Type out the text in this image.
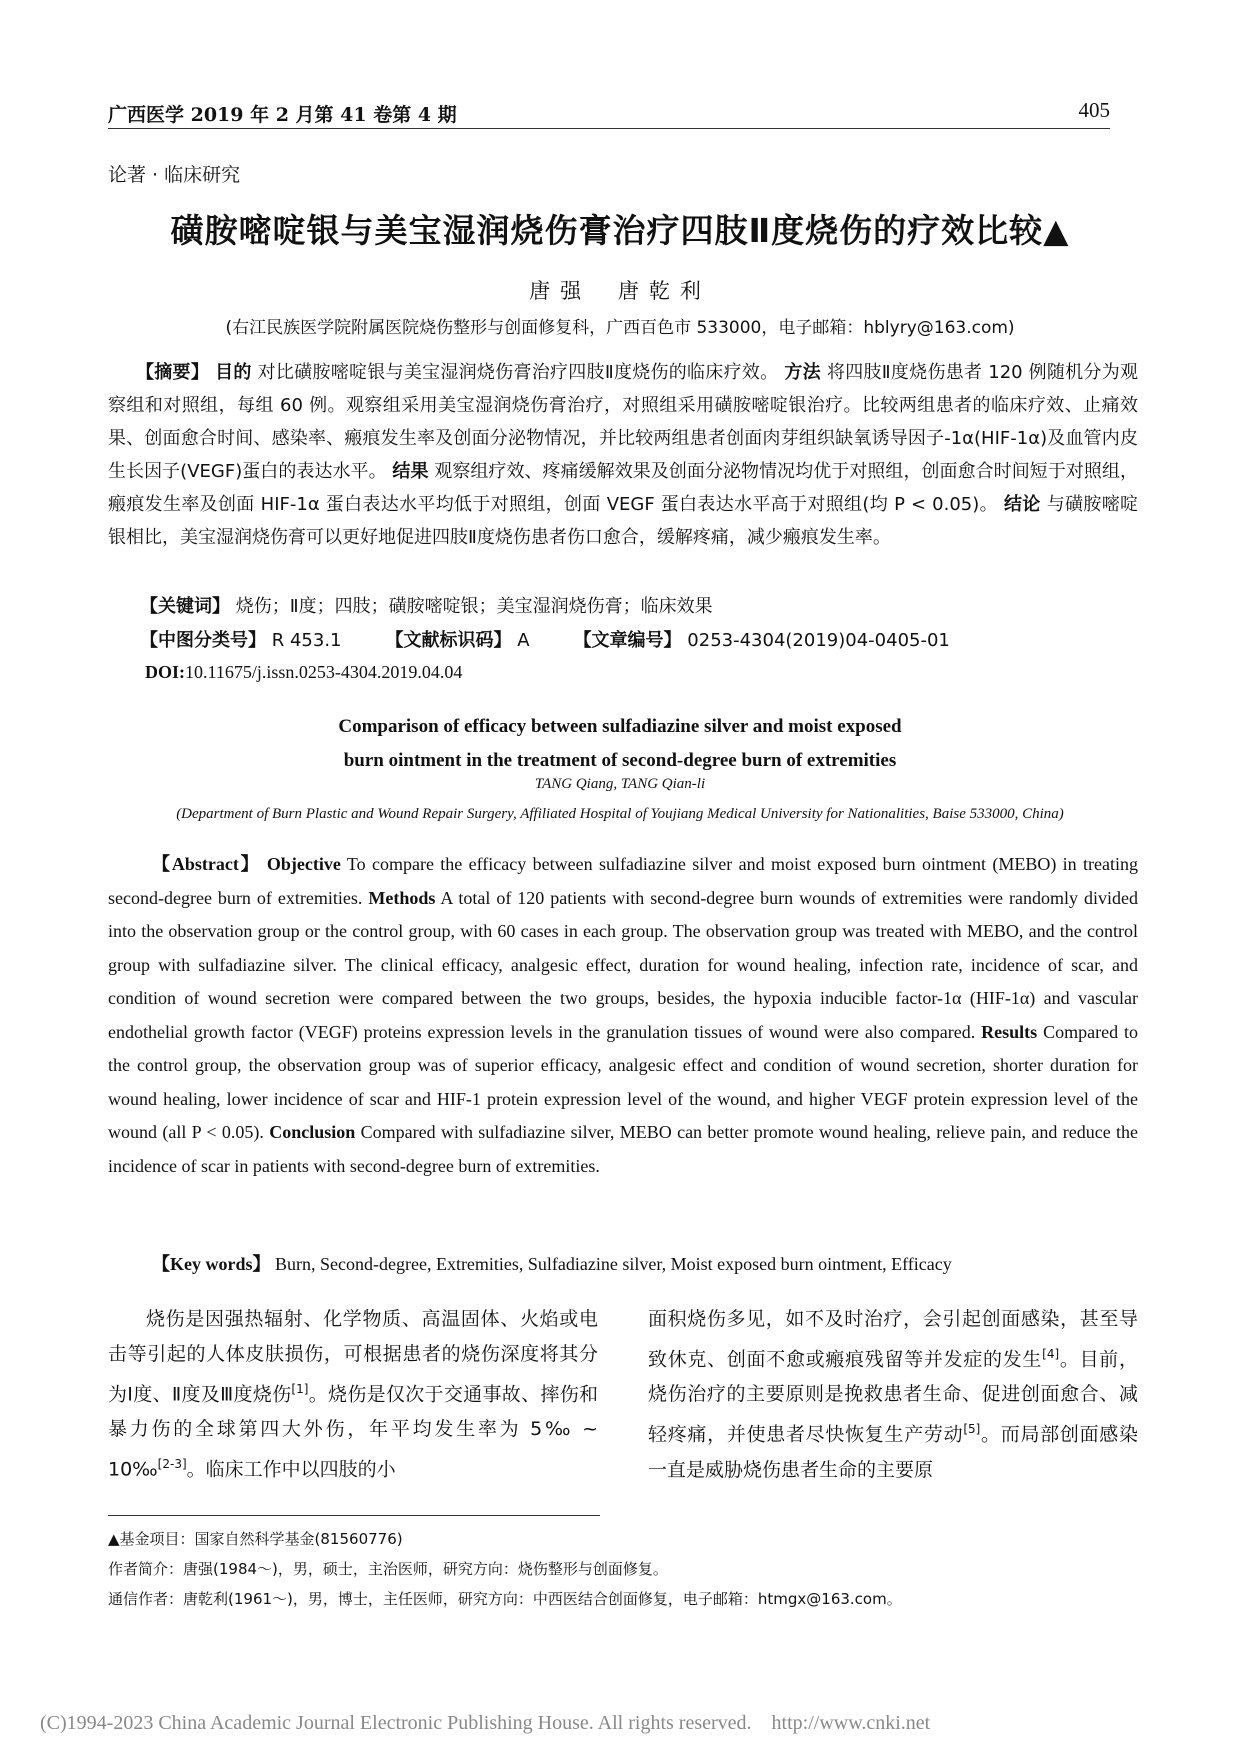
广西医学 2019 年 2 月第 41 卷第 4 期	405
论著 · 临床研究
磺胺嘧啶银与美宝湿润烧伤膏治疗四肢Ⅱ度烧伤的疗效比较▲
唐强 唐乾利
(右江民族医学院附属医院烧伤整形与创面修复科，广西百色市 533000，电子邮箱：hblyry@163.com)
【摘要】 目的 对比磺胺嘧啶银与美宝湿润烧伤膏治疗四肢Ⅱ度烧伤的临床疗效。 方法 将四肢Ⅱ度烧伤患者 120 例随机分为观察组和对照组，每组 60 例。观察组采用美宝湿润烧伤膏治疗，对照组采用磺胺嘧啶银治疗。比较两组患者的临床疗效、止痛效果、创面愈合时间、感染率、瘢痕发生率及创面分泌物情况，并比较两组患者创面肉芽组织缺氧诱导因子-1α(HIF-1α)及血管内皮生长因子(VEGF)蛋白的表达水平。 结果 观察组疗效、疼痛缓解效果及创面分泌物情况均优于对照组，创面愈合时间短于对照组，瘢痕发生率及创面 HIF-1α 蛋白表达水平均低于对照组，创面 VEGF 蛋白表达水平高于对照组(均 P < 0.05)。 结论 与磺胺嘧啶银相比，美宝湿润烧伤膏可以更好地促进四肢Ⅱ度烧伤患者伤口愈合，缓解疼痛，减少瘢痕发生率。
【关键词】 烧伤；Ⅱ度；四肢；磺胺嘧啶银；美宝湿润烧伤膏；临床效果
【中图分类号】 R 453.1 【文献标识码】 A 【文章编号】 0253-4304(2019)04-0405-01
DOI:10.11675/j.issn.0253-4304.2019.04.04
Comparison of efficacy between sulfadiazine silver and moist exposed
burn ointment in the treatment of second-degree burn of extremities
TANG Qiang, TANG Qian-li
(Department of Burn Plastic and Wound Repair Surgery, Affiliated Hospital of Youjiang Medical University for Nationalities, Baise 533000, China)
【Abstract】 Objective To compare the efficacy between sulfadiazine silver and moist exposed burn ointment (MEBO) in treating second-degree burn of extremities. Methods A total of 120 patients with second-degree burn wounds of extremities were randomly divided into the observation group or the control group, with 60 cases in each group. The observation group was treated with MEBO, and the control group with sulfadiazine silver. The clinical efficacy, analgesic effect, duration for wound healing, infection rate, incidence of scar, and condition of wound secretion were compared between the two groups, besides, the hypoxia inducible factor-1α (HIF-1α) and vascular endothelial growth factor (VEGF) proteins expression levels in the granulation tissues of wound were also compared. Results Compared to the control group, the observation group was of superior efficacy, analgesic effect and condition of wound secretion, shorter duration for wound healing, lower incidence of scar and HIF-1 protein expression level of the wound, and higher VEGF protein expression level of the wound (all P < 0.05). Conclusion Compared with sulfadiazine silver, MEBO can better promote wound healing, relieve pain, and reduce the incidence of scar in patients with second-degree burn of extremities.
【Key words】 Burn, Second-degree, Extremities, Sulfadiazine silver, Moist exposed burn ointment, Efficacy
烧伤是因强热辐射、化学物质、高温固体、火焰或电击等引起的人体皮肤损伤，可根据患者的烧伤深度将其分为Ⅰ度、Ⅱ度及Ⅲ度烧伤[1]。烧伤是仅次于交通事故、摔伤和暴力伤的全球第四大外伤，年平均发生率为 5‰ ~ 10‰[2-3]。临床工作中以四肢的小
面积烧伤多见，如不及时治疗，会引起创面感染，甚至导致休克、创面不愈或瘢痕残留等并发症的发生[4]。目前，烧伤治疗的主要原则是挽救患者生命、促进创面愈合、减轻疼痛，并使患者尽快恢复生产劳动[5]。而局部创面感染一直是威胁烧伤患者生命的主要原
▲基金项目：国家自然科学基金(81560776)
作者简介：唐强(1984～)，男，硕士，主治医师，研究方向：烧伤整形与创面修复。
通信作者：唐乾利(1961～)，男，博士，主任医师，研究方向：中西医结合创面修复，电子邮箱：htmgx@163.com。
(C)1994-2023 China Academic Journal Electronic Publishing House. All rights reserved. http://www.cnki.net
